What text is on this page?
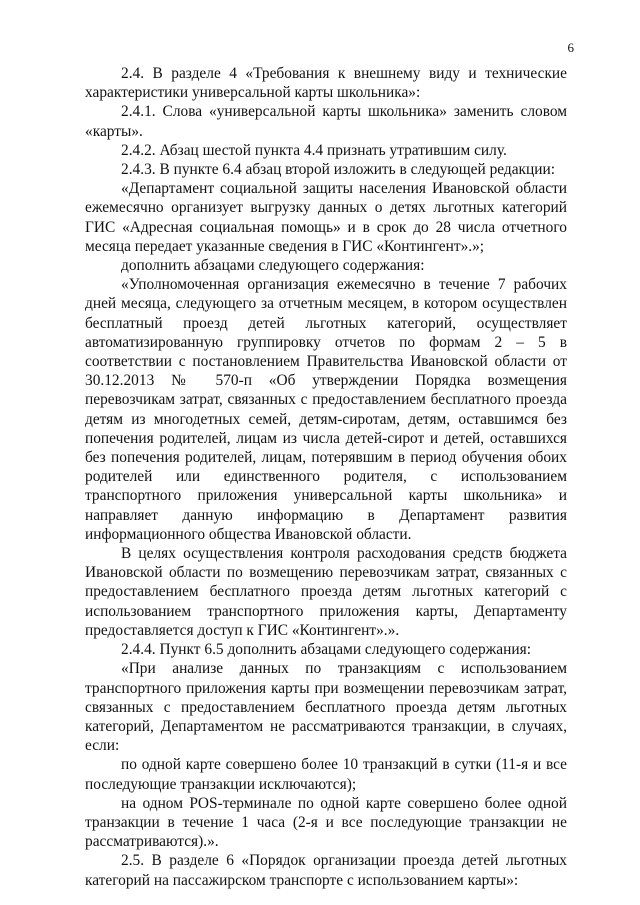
6

2.4. В разделе 4 «Требования к внешнему виду и технические характеристики универсальной карты школьника»:

2.4.1. Слова «универсальной карты школьника» заменить словом «карты».

2.4.2. Абзац шестой пункта 4.4 признать утратившим силу.

2.4.3. В пункте 6.4 абзац второй изложить в следующей редакции:

«Департамент социальной защиты населения Ивановской области ежемесячно организует выгрузку данных о детях льготных категорий ГИС «Адресная социальная помощь» и в срок до 28 числа отчетного месяца передает указанные сведения в ГИС «Контингент».»;

дополнить абзацами следующего содержания:

«Уполномоченная организация ежемесячно в течение 7 рабочих дней месяца, следующего за отчетным месяцем, в котором осуществлен бесплатный проезд детей льготных категорий, осуществляет автоматизированную группировку отчетов по формам 2 – 5 в соответствии с постановлением Правительства Ивановской области от 30.12.2013 № 570-п «Об утверждении Порядка возмещения перевозчикам затрат, связанных с предоставлением бесплатного проезда детям из многодетных семей, детям-сиротам, детям, оставшимся без попечения родителей, лицам из числа детей-сирот и детей, оставшихся без попечения родителей, лицам, потерявшим в период обучения обоих родителей или единственного родителя, с использованием транспортного приложения универсальной карты школьника» и направляет данную информацию в Департамент развития информационного общества Ивановской области.

В целях осуществления контроля расходования средств бюджета Ивановской области по возмещению перевозчикам затрат, связанных с предоставлением бесплатного проезда детям льготных категорий с использованием транспортного приложения карты, Департаменту предоставляется доступ к ГИС «Контингент».».

2.4.4. Пункт 6.5 дополнить абзацами следующего содержания:

«При анализе данных по транзакциям с использованием транспортного приложения карты при возмещении перевозчикам затрат, связанных с предоставлением бесплатного проезда детям льготных категорий, Департаментом не рассматриваются транзакции, в случаях, если:

по одной карте совершено более 10 транзакций в сутки (11-я и все последующие транзакции исключаются);

на одном POS-терминале по одной карте совершено более одной транзакции в течение 1 часа (2-я и все последующие транзакции не рассматриваются).».

2.5. В разделе 6 «Порядок организации проезда детей льготных категорий на пассажирском транспорте с использованием карты»:
